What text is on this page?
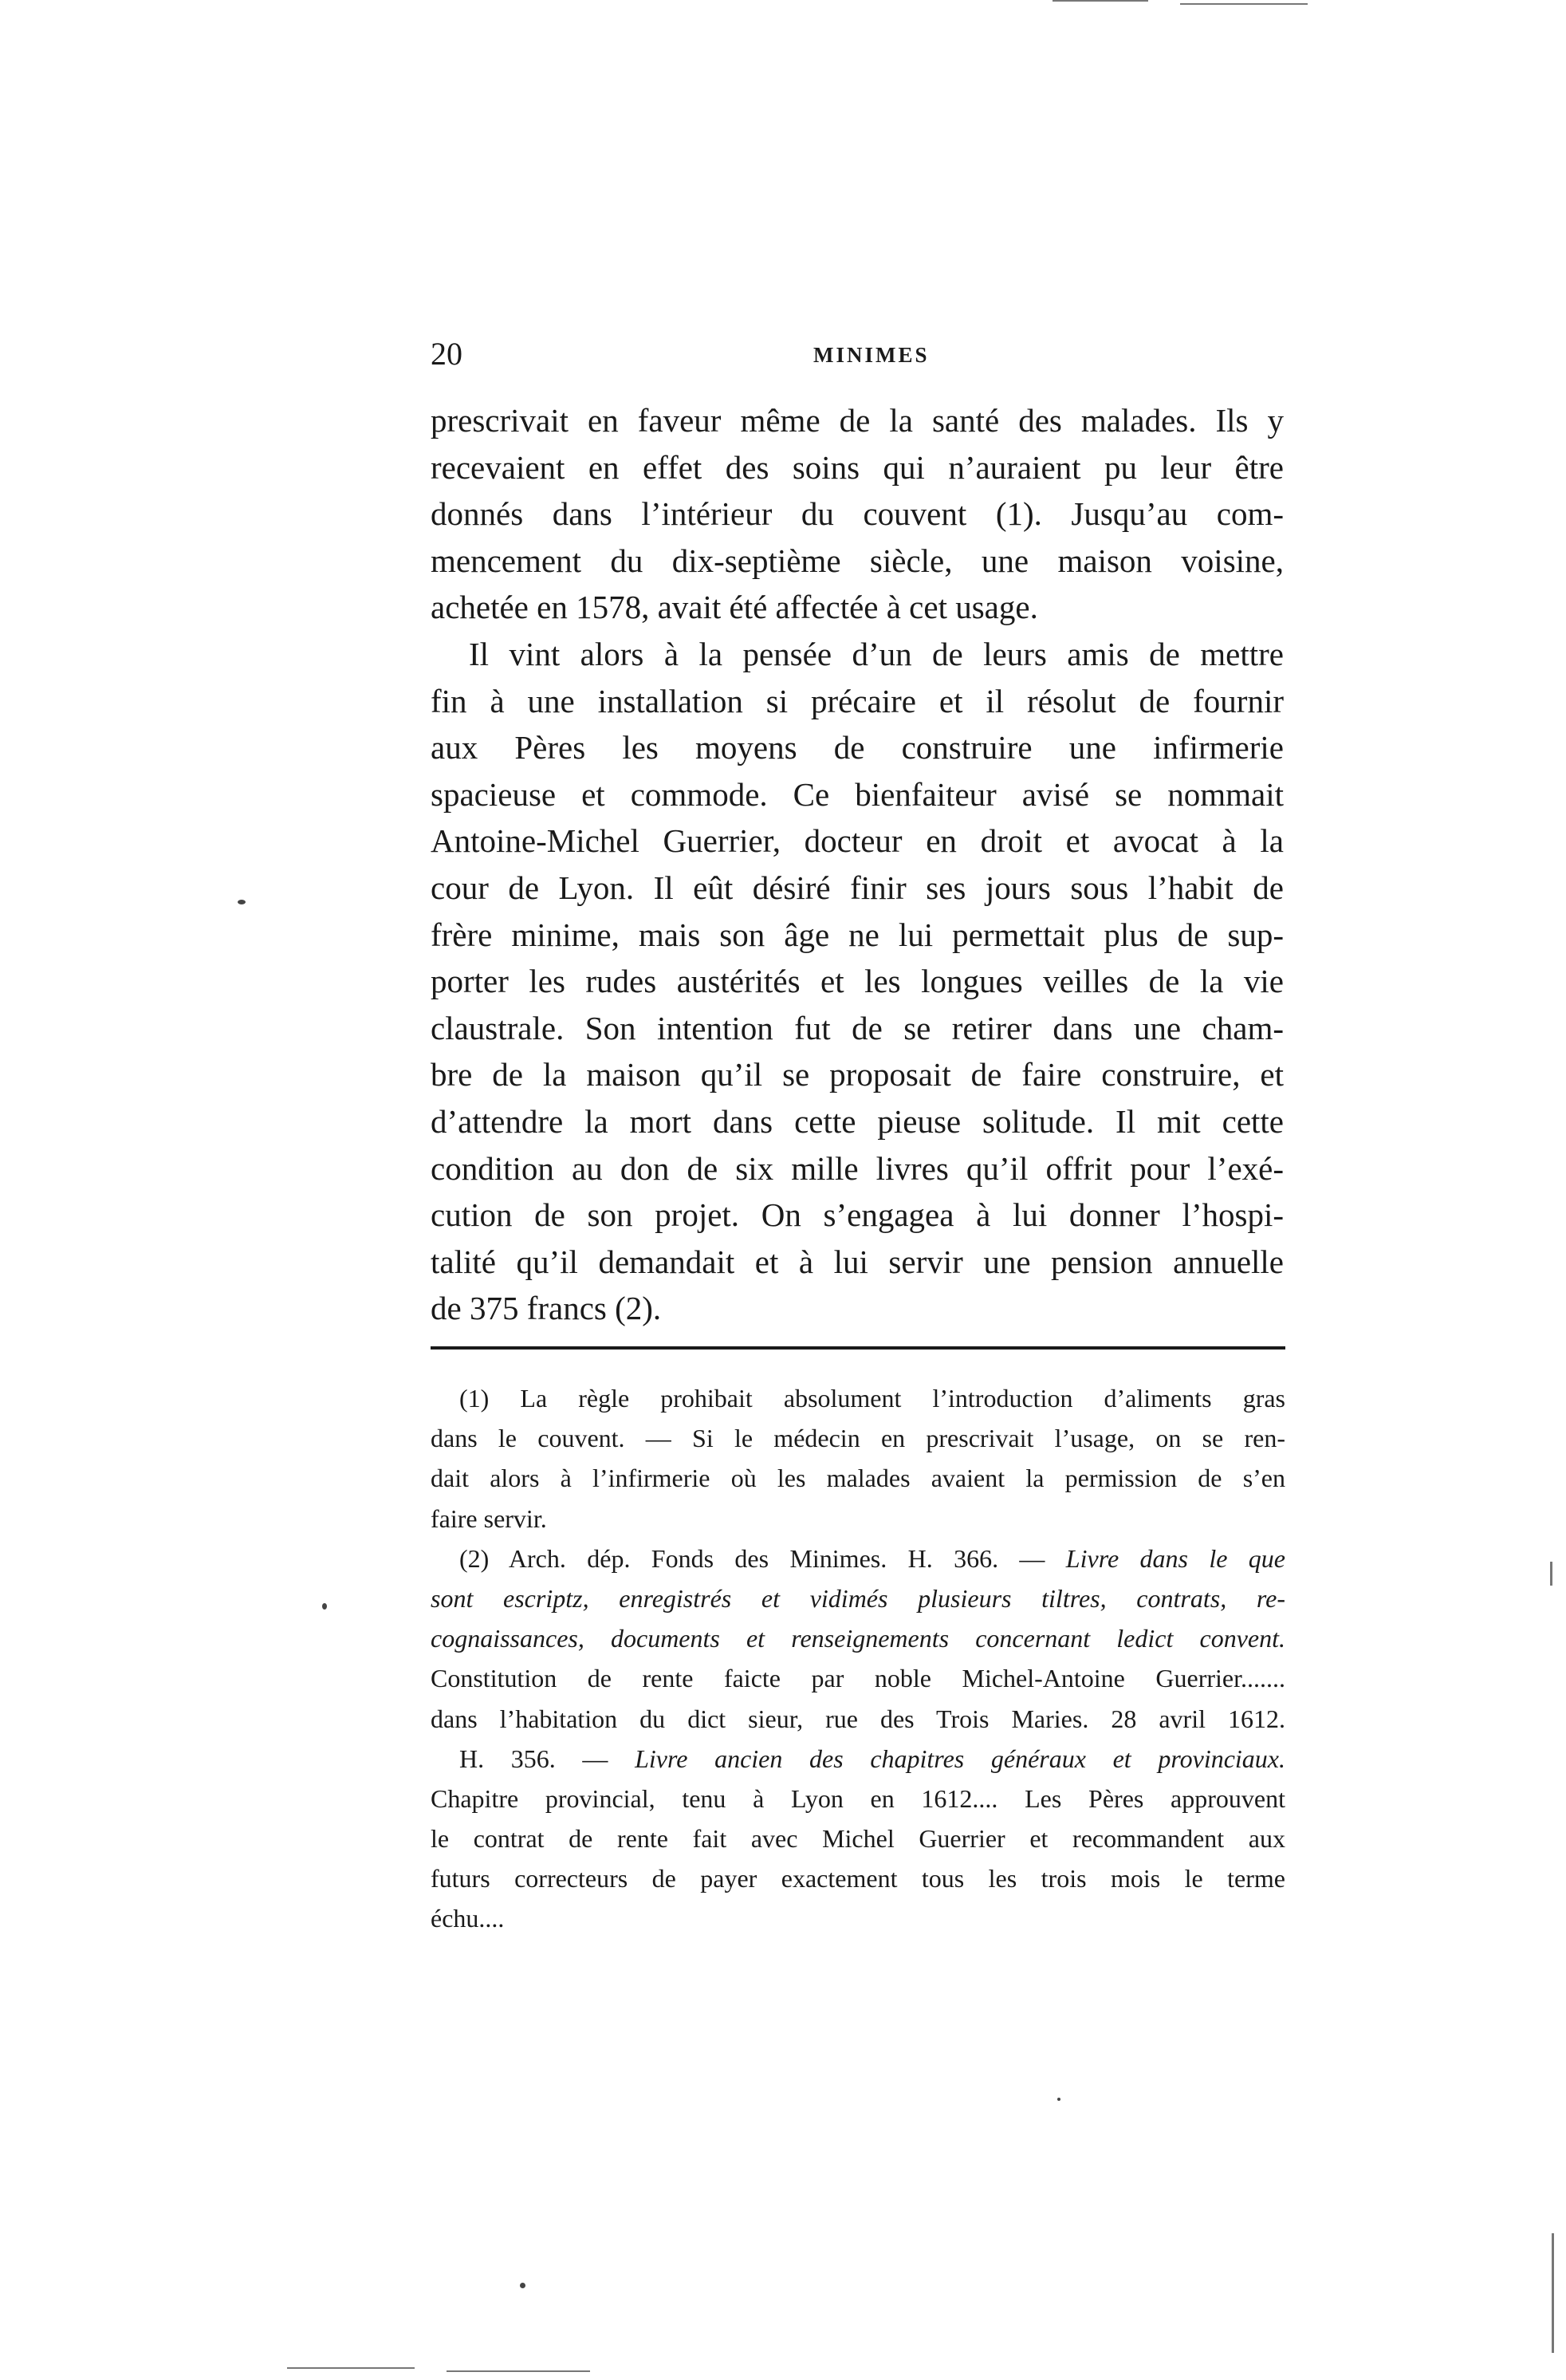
20	MINIMES
prescrivait en faveur même de la santé des malades. Ils y
recevaient en effet des soins qui n’auraient pu leur être
donnés dans l’intérieur du couvent (1). Jusqu’au com-
mencement du dix-septième siècle, une maison voisine,
achetée en 1578, avait été affectée à cet usage.
Il vint alors à la pensée d’un de leurs amis de mettre
fin à une installation si précaire et il résolut de fournir
aux Pères les moyens de construire une infirmerie
spacieuse et commode. Ce bienfaiteur avisé se nommait
Antoine-Michel Guerrier, docteur en droit et avocat à la
cour de Lyon. Il eût désiré finir ses jours sous l’habit de
frère minime, mais son âge ne lui permettait plus de sup-
porter les rudes austérités et les longues veilles de la vie
claustrale. Son intention fut de se retirer dans une cham-
bre de la maison qu’il se proposait de faire construire, et
d’attendre la mort dans cette pieuse solitude. Il mit cette
condition au don de six mille livres qu’il offrit pour l’exé-
cution de son projet. On s’engagea à lui donner l’hospi-
talité qu’il demandait et à lui servir une pension annuelle
de 375 francs (2).
(1) La règle prohibait absolument l’introduction d’aliments gras
dans le couvent. — Si le médecin en prescrivait l’usage, on se ren-
dait alors à l’infirmerie où les malades avaient la permission de s’en
faire servir.
(2) Arch. dép. Fonds des Minimes. H. 366. — Livre dans le que
sont escriptz, enregistrés et vidimés plusieurs tiltres, contrats, re-
cognaissances, documents et renseignements concernant ledict convent.
Constitution de rente faicte par noble Michel-Antoine Guerrier.......
dans l’habitation du dict sieur, rue des Trois Maries. 28 avril 1612.
H. 356. — Livre ancien des chapitres généraux et provinciaux.
Chapitre provincial, tenu à Lyon en 1612.... Les Pères approuvent
le contrat de rente fait avec Michel Guerrier et recommandent aux
futurs correcteurs de payer exactement tous les trois mois le terme
échu....
